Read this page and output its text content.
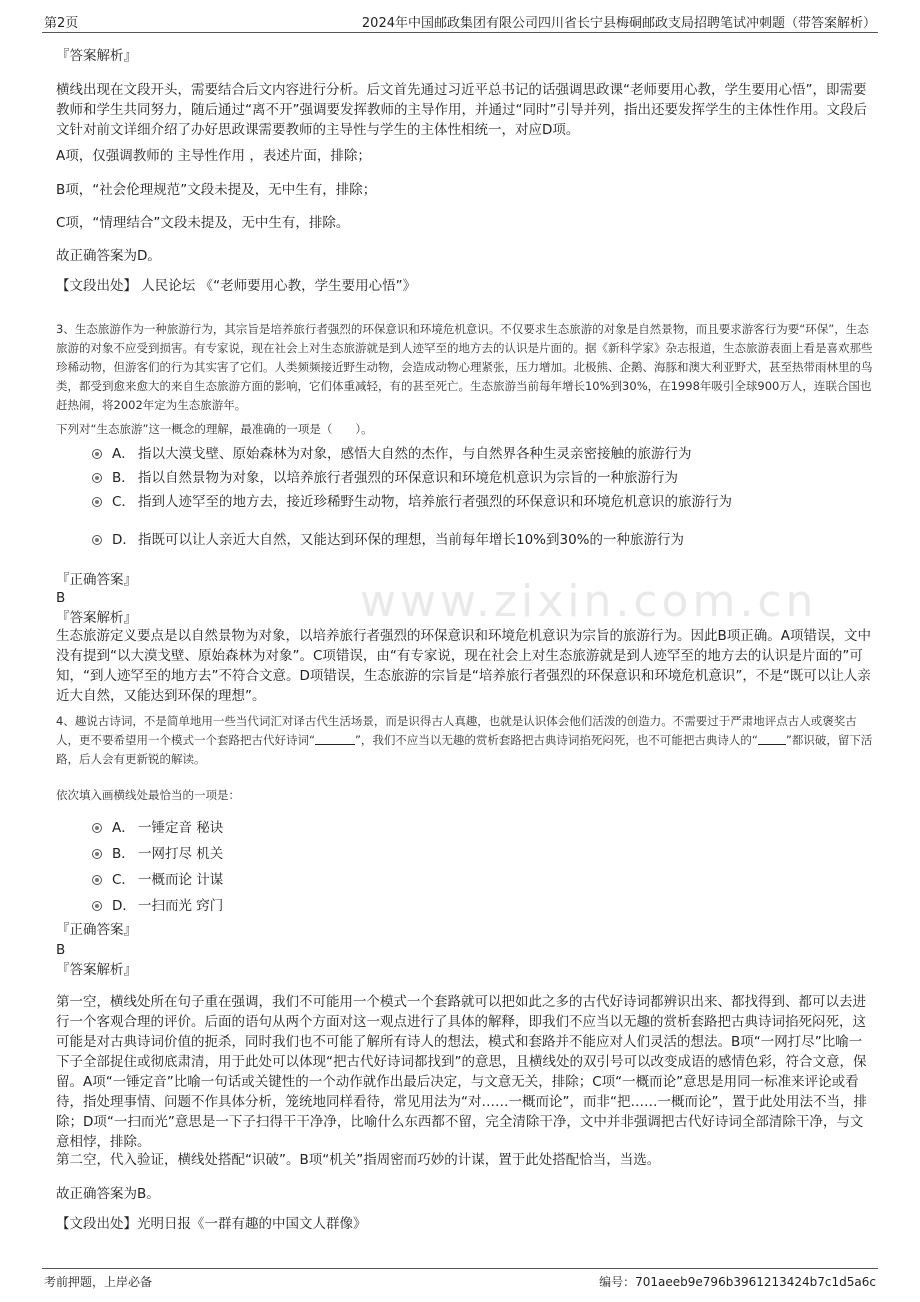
第2页	2024年中国邮政集团有限公司四川省长宁县梅硐邮政支局招聘笔试冲刺题（带答案解析）
www.zixin.com.cn

『答案解析』

横线出现在文段开头，需要结合后文内容进行分析。后文首先通过习近平总书记的话强调思政课“老师要用心教，学生要用心悟”，即需要教师和学生共同努力，随后通过“离不开”强调要发挥教师的主导作用，并通过“同时”引导并列，指出还要发挥学生的主体性作用。文段后文针对前文详细介绍了办好思政课需要教师的主导性与学生的主体性相统一，对应D项。

A项，仅强调教师的 主导性作用 ，表述片面，排除；

B项，“社会伦理规范”文段未提及，无中生有，排除；

C项，“情理结合”文段未提及，无中生有，排除。

故正确答案为D。

【文段出处】 人民论坛 《“老师要用心教，学生要用心悟”》

3、生态旅游作为一种旅游行为，其宗旨是培养旅行者强烈的环保意识和环境危机意识。不仅要求生态旅游的对象是自然景物，而且要求游客行为要“环保”，生态旅游的对象不应受到损害。有专家说，现在社会上对生态旅游就是到人迹罕至的地方去的认识是片面的。据《新科学家》杂志报道，生态旅游表面上看是喜欢那些珍稀动物，但游客们的行为其实害了它们。人类频频接近野生动物，会造成动物心理紧张，压力增加。北极熊、企鹅、海豚和澳大利亚野犬，甚至热带雨林里的鸟类，都受到愈来愈大的来自生态旅游方面的影响，它们体重减轻，有的甚至死亡。生态旅游当前每年增长10%到30%，在1998年吸引全球900万人，连联合国也赶热闹，将2002年定为生态旅游年。

下列对“生态旅游”这一概念的理解，最准确的一项是（　　）。

A． 指以大漠戈壁、原始森林为对象，感悟大自然的杰作，与自然界各种生灵亲密接触的旅游行为
B． 指以自然景物为对象，以培养旅行者强烈的环保意识和环境危机意识为宗旨的一种旅游行为
C． 指到人迹罕至的地方去，接近珍稀野生动物，培养旅行者强烈的环保意识和环境危机意识的旅游行为
D． 指既可以让人亲近大自然，又能达到环保的理想，当前每年增长10%到30%的一种旅游行为

『正确答案』

B

『答案解析』

生态旅游定义要点是以自然景物为对象，以培养旅行者强烈的环保意识和环境危机意识为宗旨的旅游行为。因此B项正确。A项错误，文中没有提到“以大漠戈壁、原始森林为对象”。C项错误，由“有专家说，现在社会上对生态旅游就是到人迹罕至的地方去的认识是片面的”可知，“到人迹罕至的地方去”不符合文意。D项错误，生态旅游的宗旨是“培养旅行者强烈的环保意识和环境危机意识”，不是“既可以让人亲近大自然，又能达到环保的理想”。

4、趣说古诗词，不是简单地用一些当代词汇对译古代生活场景，而是识得古人真趣，也就是认识体会他们活泼的创造力。不需要过于严肃地评点古人或褒奖古人，更不要希望用一个模式一个套路把古代好诗词“	”，我们不应当以无趣的赏析套路把古典诗词掐死闷死，也不可能把古典诗人的“ ”都识破，留下活路，后人会有更新锐的解读。

依次填入画横线处最恰当的一项是：

A． 一锤定音 秘诀
B． 一网打尽 机关
C． 一概而论 计谋
D． 一扫而光 窍门

『正确答案』

B

『答案解析』

第一空，横线处所在句子重在强调，我们不可能用一个模式一个套路就可以把如此之多的古代好诗词都辨识出来、都找得到、都可以去进行一个客观合理的评价。后面的语句从两个方面对这一观点进行了具体的解释，即我们不应当以无趣的赏析套路把古典诗词掐死闷死，这可能是对古典诗词价值的扼杀，同时我们也不可能了解所有诗人的想法，模式和套路并不能应对人们灵活的想法。B项“一网打尽”比喻一下子全部捉住或彻底肃清，用于此处可以体现“把古代好诗词都找到”的意思，且横线处的双引号可以改变成语的感情色彩，符合文意，保留。A项“一锤定音”比喻一句话或关键性的一个动作就作出最后决定，与文意无关，排除；C项“一概而论”意思是用同一标准来评论或看待，指处理事情、问题不作具体分析，笼统地同样看待，常见用法为“对……一概而论”，而非“把……一概而论”，置于此处用法不当，排除；D项“一扫而光”意思是一下子扫得干干净净，比喻什么东西都不留，完全清除干净，文中并非强调把古代好诗词全部清除干净，与文意相悖，排除。

第二空，代入验证，横线处搭配“识破”。B项“机关”指周密而巧妙的计谋，置于此处搭配恰当，当选。

故正确答案为B。

【文段出处】光明日报《一群有趣的中国文人群像》

考前押题，上岸必备	编号：701aeeb9e796b3961213424b7c1d5a6c
